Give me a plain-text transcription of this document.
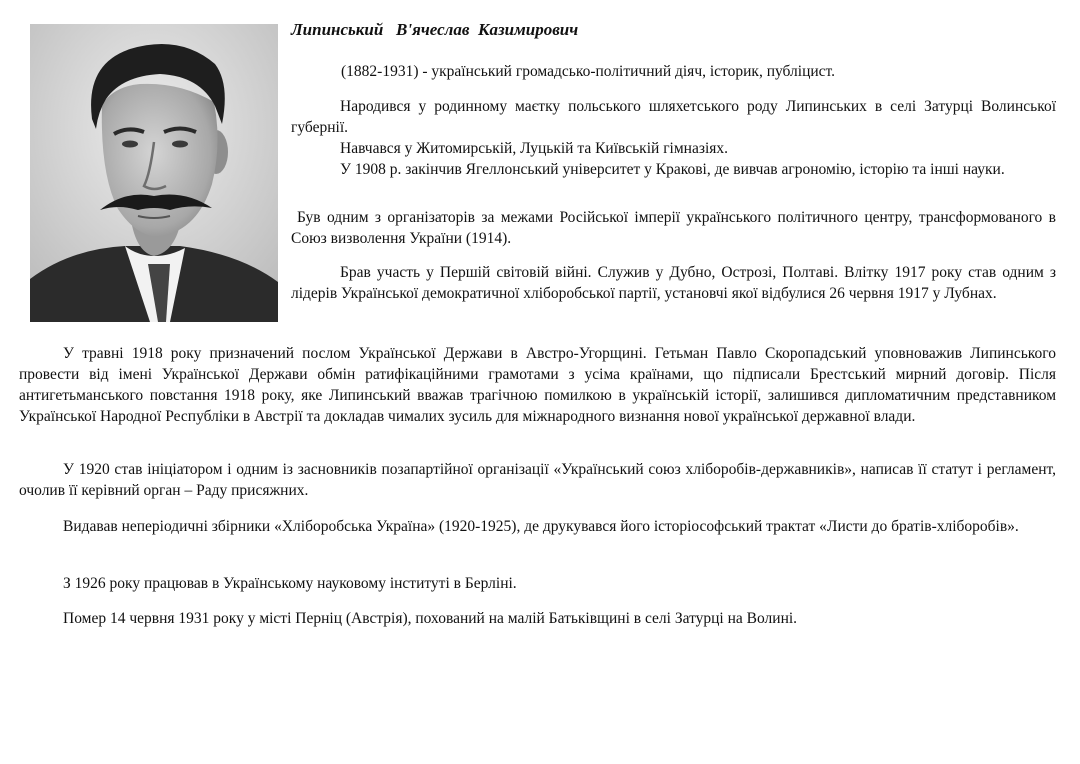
Липинський   В'ячеслав  Казимирович

(1882-1931) - український громадсько-політичний діяч, історик, публіцист.

Народився у родинному маєтку польського шляхетського роду Липинських в селі Затурці Волинської губернії.
Навчався у Житомирській, Луцькій та Київській гімназіях.
У 1908 р. закінчив Ягеллонський університет у Кракові, де вивчав агрономію, історію та інші науки.

Був одним з організаторів за межами Російської імперії українського політичного центру, трансформованого в Союз визволення України (1914).

Брав участь у Першій світовій війні. Служив у Дубно, Острозі, Полтаві. Влітку 1917 року став одним з лідерів Української демократичної хліборобської партії, установчі якої відбулися 26 червня 1917 у Лубнах.

У травні 1918 року призначений послом Української Держави в Австро-Угорщині. Гетьман Павло Скоропадський уповноважив Липинського провести від імені Української Держави обмін ратифікаційними грамотами з усіма країнами, що підписали Брестський мирний договір. Після антигетьманського повстання 1918 року, яке Липинський вважав трагічною помилкою в українській історії, залишився дипломатичним представником Української Народної Республіки в Австрії та докладав чималих зусиль для міжнародного визнання нової української державної влади.

У 1920 став ініціатором і одним із засновників позапартійної організації «Український союз хліборобів-державників», написав її статут і регламент, очолив її керівний орган – Раду присяжних.

Видавав неперіодичні збірники «Хліборобська Україна» (1920-1925), де друкувався його історіософський трактат «Листи до братів-хліборобів».

З 1926 року працював в Українському науковому інституті в Берліні.

Помер 14 червня 1931 року у місті Перніц (Австрія), похований на малій Батьківщині в селі Затурці на Волині.
